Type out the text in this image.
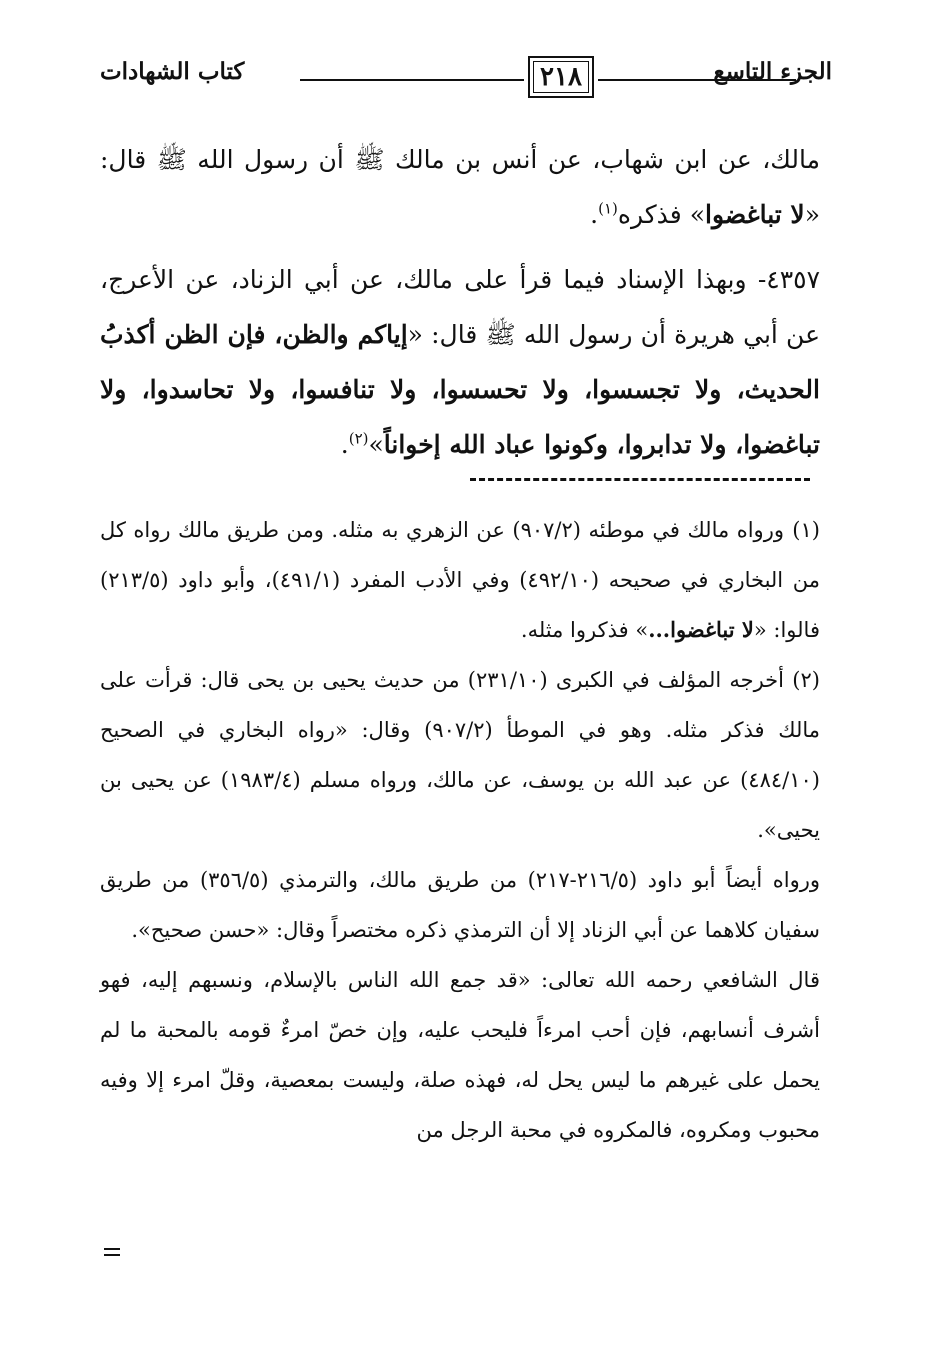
الجزء التاسع
٢١٨
كتاب الشهادات

مالك، عن ابن شهاب، عن أنس بن مالك ﷺ أن رسول الله ﷺ قال: «لا تباغضوا» فذكره$^{(١)}$.

٤٣٥٧- وبهذا الإسناد فيما قرأ على مالك، عن أبي الزناد، عن الأعرج، عن أبي هريرة أن رسول الله ﷺ قال: «إياكم والظن، فإن الظن أكذبُ الحديث، ولا تجسسوا، ولا تحسسوا، ولا تنافسوا، ولا تحاسدوا، ولا تباغضوا، ولا تدابروا، وكونوا عباد الله إخواناً»$^{(٢)}$.

(١)ورواه مالك في موطئه (٩٠٧/٢) عن الزهري به مثله. ومن طريق مالك رواه كل من البخاري في صحيحه (٤٩٢/١٠) وفي الأدب المفرد (٤٩١/١)، وأبو داود (٢١٣/٥) فالوا: «لا تباغضوا...» فذكروا مثله.

(٢)أخرجه المؤلف في الكبرى (٢٣١/١٠) من حديث يحيى بن يحى قال: قرأت على مالك فذكر مثله. وهو في الموطأ (٩٠٧/٢) وقال: «رواه البخاري في الصحيح (٤٨٤/١٠) عن عبد الله بن يوسف، عن مالك، ورواه مسلم (١٩٨٣/٤) عن يحيى بن يحيى».

ورواه أيضاً أبو داود (٢١٦/٥-٢١٧) من طريق مالك، والترمذي (٣٥٦/٥) من طريق سفيان كلاهما عن أبي الزناد إلا أن الترمذي ذكره مختصراً وقال: «حسن صحيح».

قال الشافعي رحمه الله تعالى: «قد جمع الله الناس بالإسلام، ونسبهم إليه، فهو أشرف أنسابهم، فإن أحب امرءاً فليحب عليه، وإن خصّ امرءٌ قومه بالمحبة ما لم يحمل على غيرهم ما ليس يحل له، فهذه صلة، وليست بمعصية، وقلّ امرء إلا وفيه محبوب ومكروه، فالمكروه في محبة الرجل من
